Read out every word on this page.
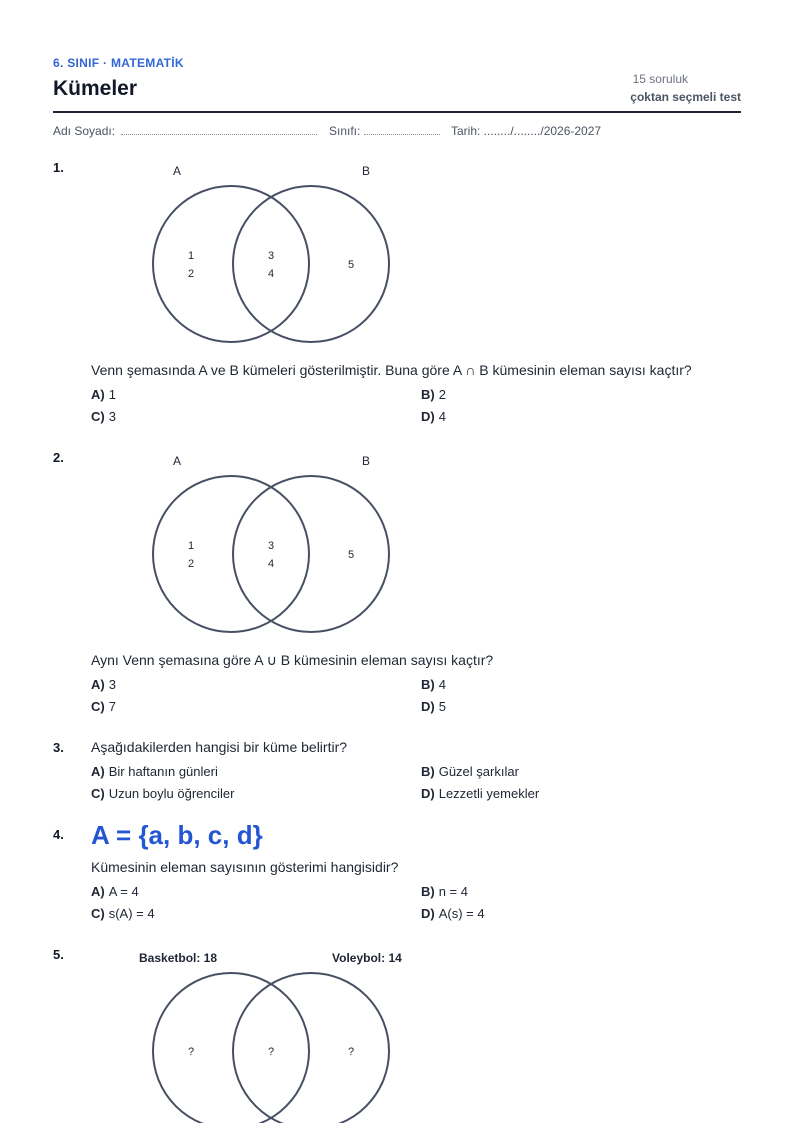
6. SINIF · MATEMATİK
Kümeler	15 soruluk
çoktan seçmeli test
Adı Soyadı:	Sınıfı:	Tarih: ......../......../2026-2027
1.	A	B
1
2
3
4
5
Venn şemasında A ve B kümeleri gösterilmiştir. Buna göre A ∩ B kümesinin eleman sayısı kaçtır?
A) 1	B) 2
C) 3	D) 4
2.	A	B
1
2
3
4
5
Aynı Venn şemasına göre A ∪ B kümesinin eleman sayısı kaçtır?
A) 3	B) 4
C) 7	D) 5
3. Aşağıdakilerden hangisi bir küme belirtir?
A) Bir haftanın günleri	B) Güzel şarkılar
C) Uzun boylu öğrenciler	D) Lezzetli yemekler
4. A = {a, b, c, d}
Kümesinin eleman sayısının gösterimi hangisidir?
A) A = 4	B) n = 4
C) s(A) = 4	D) A(s) = 4
5.	Basketbol: 18	Voleybol: 14
?	?	?
